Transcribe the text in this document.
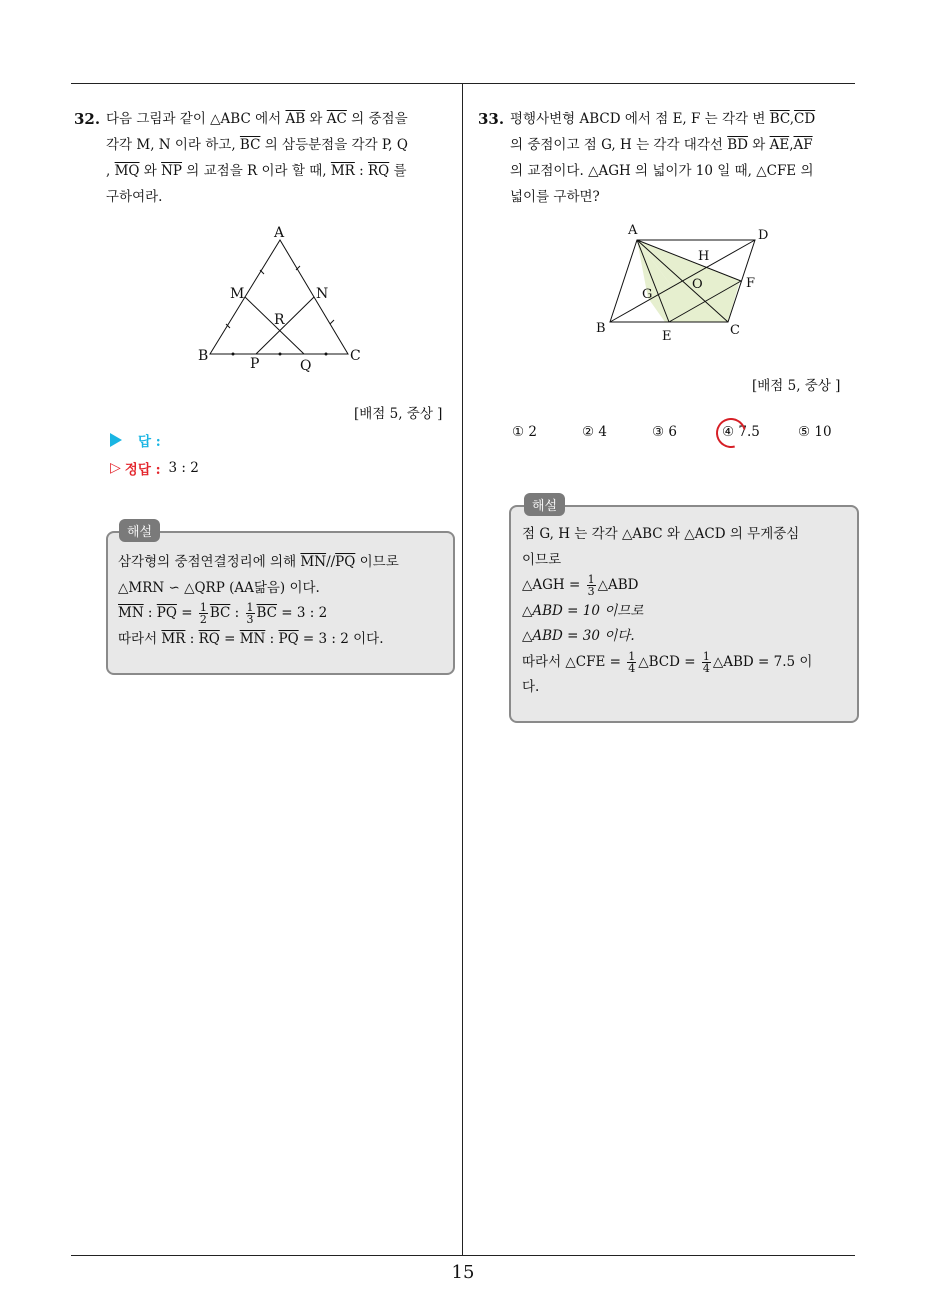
32. 다음 그림과 같이 △ABC 에서 $\overline{AB}$ 와 $\overline{AC}$ 의 중점을
각각 M, N 이라 하고, $\overline{BC}$ 의 삼등분점을 각각 P, Q
, $\overline{MQ}$ 와 $\overline{NP}$ 의 교점을 R 이라 할 때, $\overline{MR}$ : $\overline{RQ}$ 를
구하여라.
A
B	C
M	N
R
P	Q
[배점 5, 중상 ]
답 :
▷ 정답 : 3 : 2
해설
삼각형의 중점연결정리에 의해 $\overline{MN}//\overline{PQ}$ 이므로
△MRN ∽ △QRP (AA닮음) 이다.
$\overline{MN}$ : $\overline{PQ} = \frac{1}{2} \overline{BC}$ : $\frac{1}{3} \overline{BC} = 3$ : 2
따라서 $\overline{MR}$ : $\overline{RQ} = \overline{MN}$ : $\overline{PQ} = 3$ : 2 이다.
33. 평행사변형 ABCD 에서 점 E, F 는 각각 변 $\overline{BC},\overline{CD}$
의 중점이고 점 G, H 는 각각 대각선 $\overline{BD}$ 와 $\overline{AE},\overline{AF}$
의 교점이다. △AGH 의 넓이가 10 일 때, △CFE 의
넓이를 구하면?
A	D
B	C
E
F
G
H
O
[배점 5, 중상 ]
① 2	② 4	③ 6	④ 7.5	⑤ 10
해설
점 G, H 는 각각 △ABC 와 △ACD 의 무게중심
이므로
△AGH = $\frac{1}{3}$ △ABD
△ABD = 10 이므로
△ABD = 30 이다.
따라서 △CFE = $\frac{1}{4}$ △BCD = $\frac{1}{4}$ △ABD = 7.5 이
다.
15
